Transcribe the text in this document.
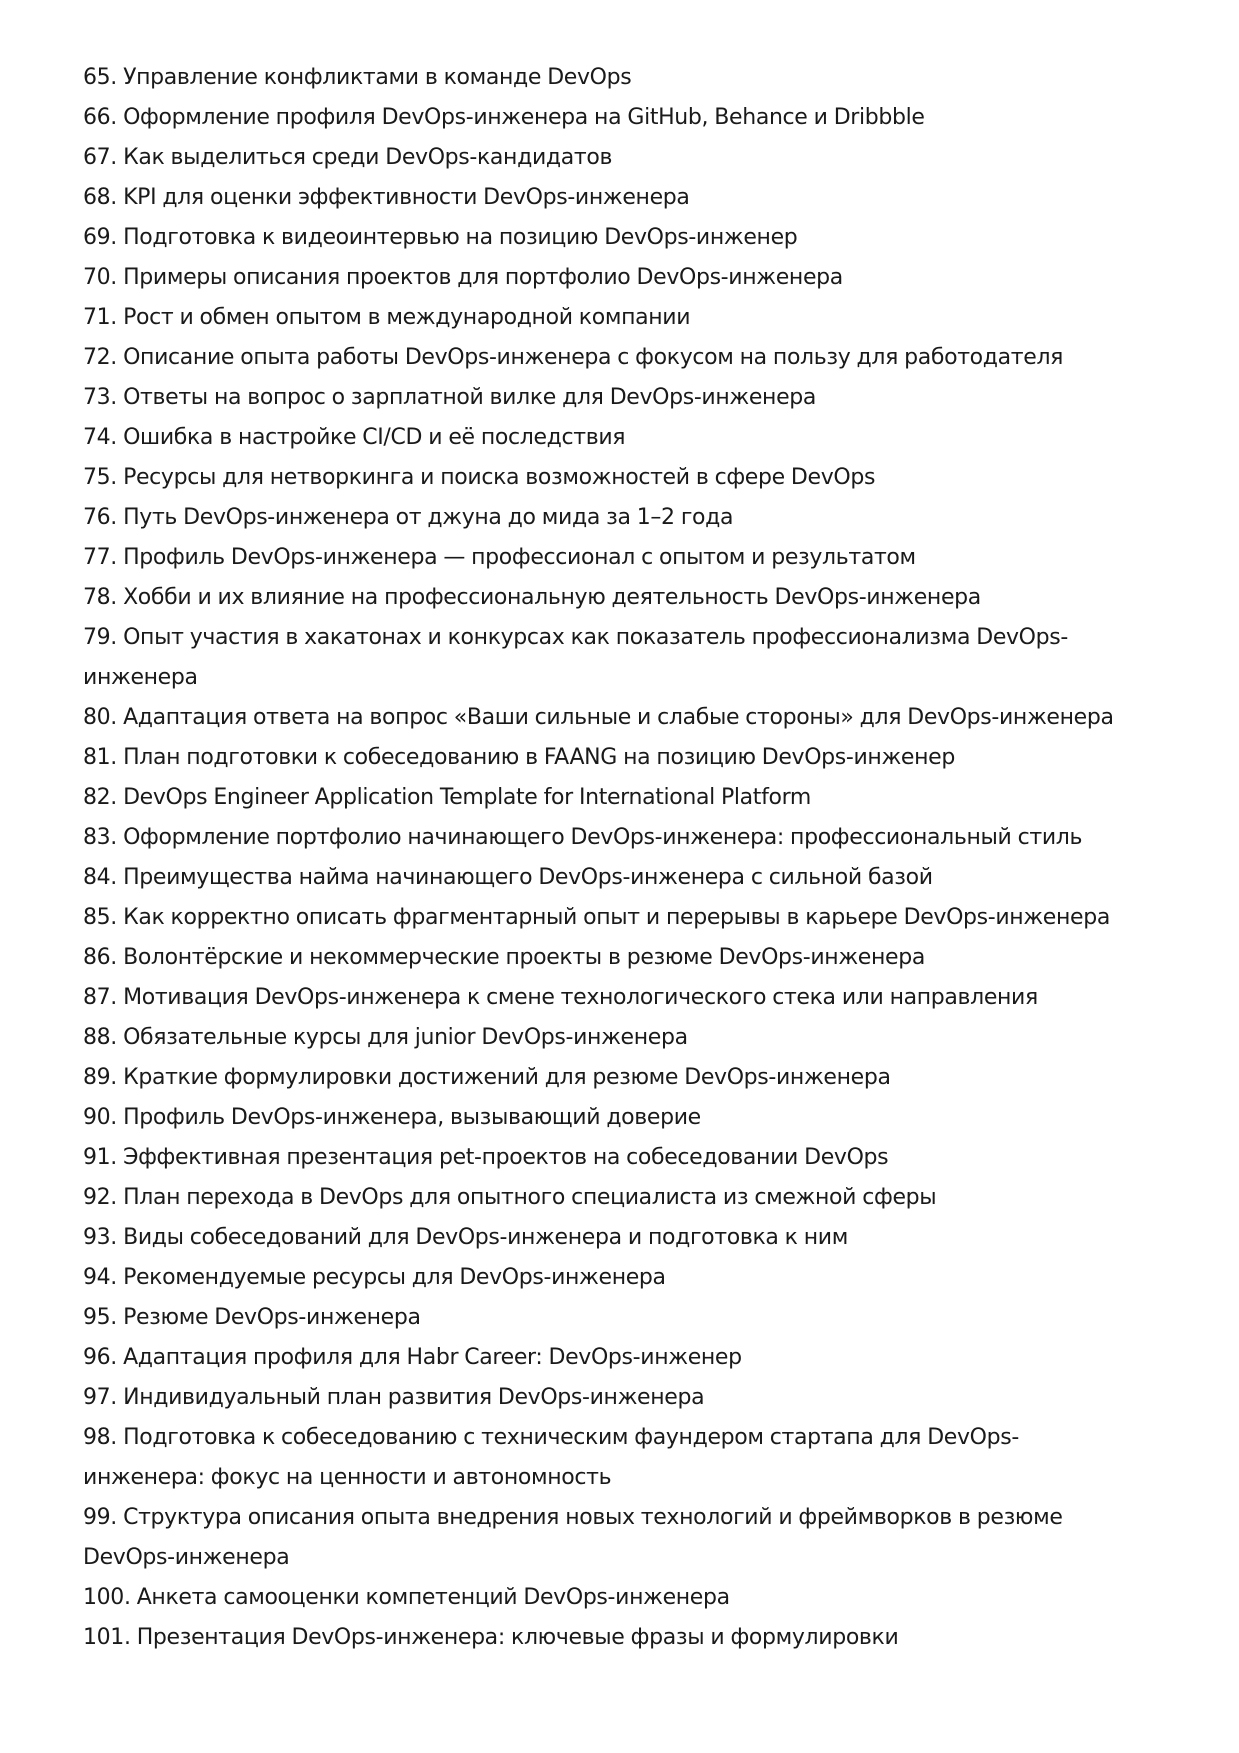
65. Управление конфликтами в команде DevOps
66. Оформление профиля DevOps-инженера на GitHub, Behance и Dribbble
67. Как выделиться среди DevOps-кандидатов
68. KPI для оценки эффективности DevOps-инженера
69. Подготовка к видеоинтервью на позицию DevOps-инженер
70. Примеры описания проектов для портфолио DevOps-инженера
71. Рост и обмен опытом в международной компании
72. Описание опыта работы DevOps-инженера с фокусом на пользу для работодателя
73. Ответы на вопрос о зарплатной вилке для DevOps-инженера
74. Ошибка в настройке CI/CD и её последствия
75. Ресурсы для нетворкинга и поиска возможностей в сфере DevOps
76. Путь DevOps-инженера от джуна до мида за 1–2 года
77. Профиль DevOps-инженера — профессионал с опытом и результатом
78. Хобби и их влияние на профессиональную деятельность DevOps-инженера
79. Опыт участия в хакатонах и конкурсах как показатель профессионализма DevOps-инженера
80. Адаптация ответа на вопрос «Ваши сильные и слабые стороны» для DevOps-инженера
81. План подготовки к собеседованию в FAANG на позицию DevOps-инженер
82. DevOps Engineer Application Template for International Platform
83. Оформление портфолио начинающего DevOps-инженера: профессиональный стиль
84. Преимущества найма начинающего DevOps-инженера с сильной базой
85. Как корректно описать фрагментарный опыт и перерывы в карьере DevOps-инженера
86. Волонтёрские и некоммерческие проекты в резюме DevOps-инженера
87. Мотивация DevOps-инженера к смене технологического стека или направления
88. Обязательные курсы для junior DevOps-инженера
89. Краткие формулировки достижений для резюме DevOps-инженера
90. Профиль DevOps-инженера, вызывающий доверие
91. Эффективная презентация pet-проектов на собеседовании DevOps
92. План перехода в DevOps для опытного специалиста из смежной сферы
93. Виды собеседований для DevOps-инженера и подготовка к ним
94. Рекомендуемые ресурсы для DevOps-инженера
95. Резюме DevOps-инженера
96. Адаптация профиля для Habr Career: DevOps-инженер
97. Индивидуальный план развития DevOps-инженера
98. Подготовка к собеседованию с техническим фаундером стартапа для DevOps-инженера: фокус на ценности и автономность
99. Структура описания опыта внедрения новых технологий и фреймворков в резюме DevOps-инженера
100. Анкета самооценки компетенций DevOps-инженера
101. Презентация DevOps-инженера: ключевые фразы и формулировки
